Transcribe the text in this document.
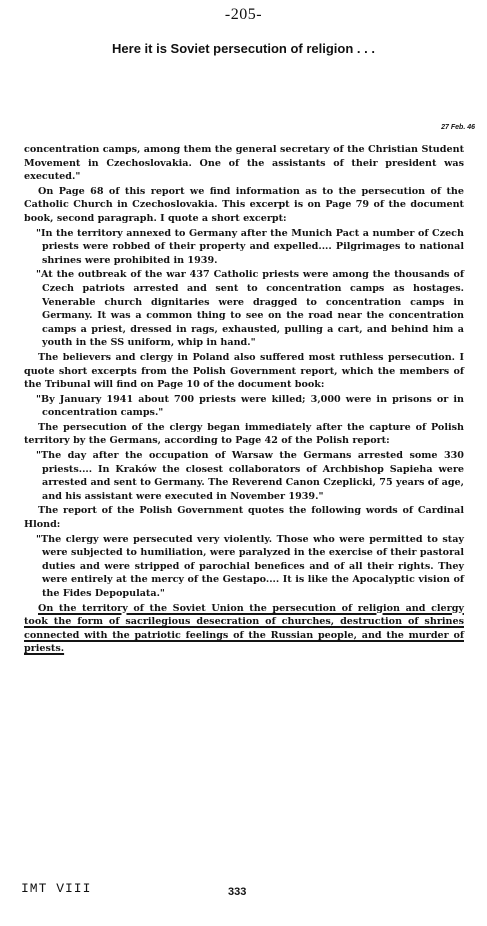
-205-
Here it is Soviet persecution of religion . . .
27 Feb. 46

concentration camps, among them the general secretary of the Christian Student Movement in Czechoslovakia. One of the assistants of their president was executed."

On Page 68 of this report we find information as to the persecution of the Catholic Church in Czechoslovakia. This excerpt is on Page 79 of the document book, second paragraph. I quote a short excerpt:

"In the territory annexed to Germany after the Munich Pact a number of Czech priests were robbed of their property and expelled.... Pilgrimages to national shrines were prohibited in 1939.

"At the outbreak of the war 437 Catholic priests were among the thousands of Czech patriots arrested and sent to concentration camps as hostages. Venerable church dignitaries were dragged to concentration camps in Germany. It was a common thing to see on the road near the concentration camps a priest, dressed in rags, exhausted, pulling a cart, and behind him a youth in the SS uniform, whip in hand."

The believers and clergy in Poland also suffered most ruthless persecution. I quote short excerpts from the Polish Government report, which the members of the Tribunal will find on Page 10 of the document book:

"By January 1941 about 700 priests were killed; 3,000 were in prisons or in concentration camps."

The persecution of the clergy began immediately after the capture of Polish territory by the Germans, according to Page 42 of the Polish report:

"The day after the occupation of Warsaw the Germans arrested some 330 priests.... In Kraków the closest collaborators of Archbishop Sapieha were arrested and sent to Germany. The Reverend Canon Czeplicki, 75 years of age, and his assistant were executed in November 1939."

The report of the Polish Government quotes the following words of Cardinal Hlond:

"The clergy were persecuted very violently. Those who were permitted to stay were subjected to humiliation, were paralyzed in the exercise of their pastoral duties and were stripped of parochial benefices and of all their rights. They were entirely at the mercy of the Gestapo.... It is like the Apocalyptic vision of the Fides Depopulata."

On the territory of the Soviet Union the persecution of religion and clergy took the form of sacrilegious desecration of churches, destruction of shrines connected with the patriotic feelings of the Russian people, and the murder of priests.

IMT VIII	333
